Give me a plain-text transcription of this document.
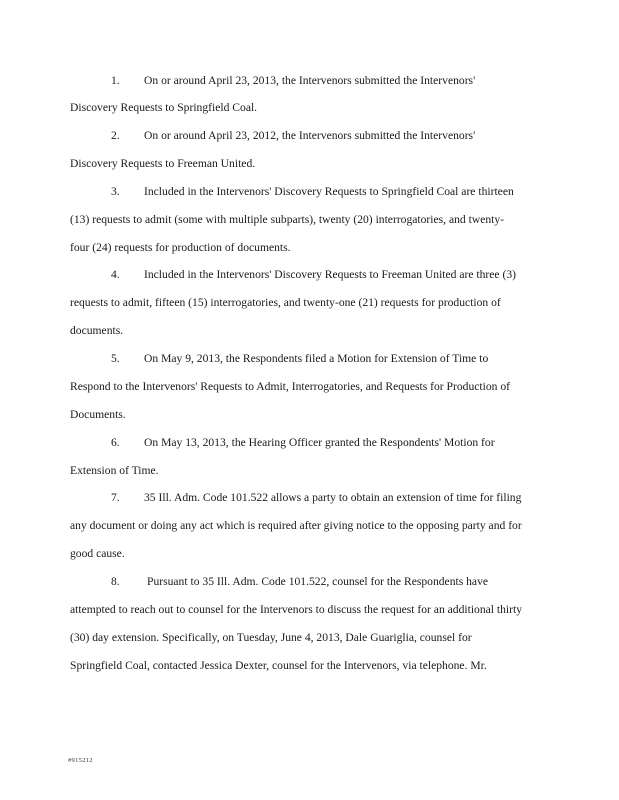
1. On or around April 23, 2013, the Intervenors submitted the Intervenors'
Discovery Requests to Springfield Coal.
2. On or around April 23, 2012, the Intervenors submitted the Intervenors'
Discovery Requests to Freeman United.
3. Included in the Intervenors' Discovery Requests to Springfield Coal are thirteen
(13) requests to admit (some with multiple subparts), twenty (20) interrogatories, and twenty-
four (24) requests for production of documents.
4. Included in the Intervenors' Discovery Requests to Freeman United are three (3)
requests to admit, fifteen (15) interrogatories, and twenty-one (21) requests for production of
documents.
5. On May 9, 2013, the Respondents filed a Motion for Extension of Time to
Respond to the Intervenors' Requests to Admit, Interrogatories, and Requests for Production of
Documents.
6. On May 13, 2013, the Hearing Officer granted the Respondents' Motion for
Extension of Time.
7. 35 Ill. Adm. Code 101.522 allows a party to obtain an extension of time for filing
any document or doing any act which is required after giving notice to the opposing party and for
good cause.
8. Pursuant to 35 Ill. Adm. Code 101.522, counsel for the Respondents have
attempted to reach out to counsel for the Intervenors to discuss the request for an additional thirty
(30) day extension. Specifically, on Tuesday, June 4, 2013, Dale Guariglia, counsel for
Springfield Coal, contacted Jessica Dexter, counsel for the Intervenors, via telephone. Mr.
#915212
